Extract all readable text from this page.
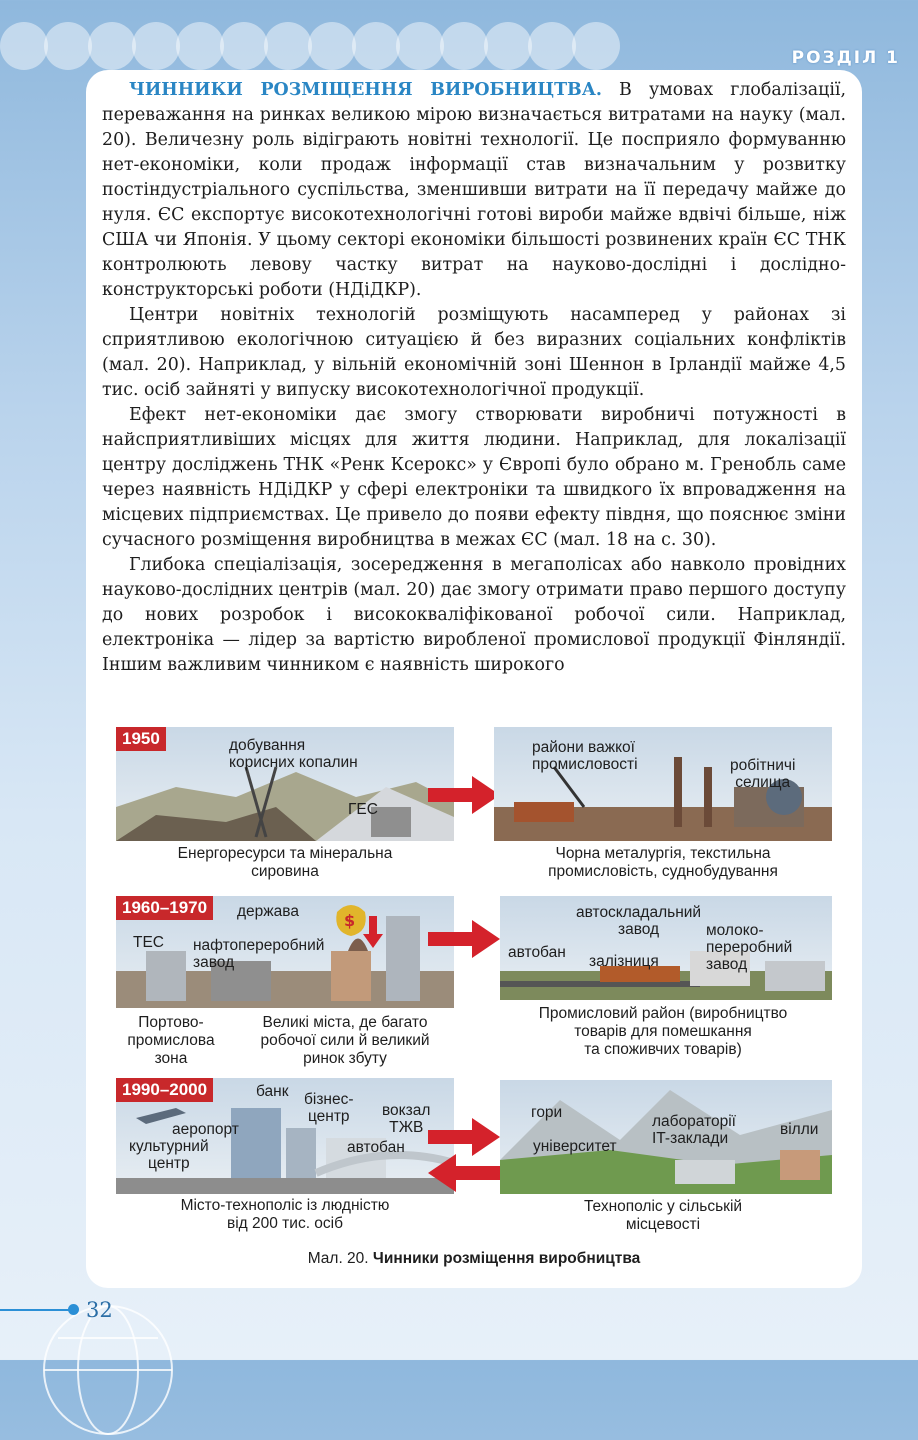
РОЗДІЛ 1

ЧИННИКИ РОЗМІЩЕННЯ ВИРОБНИЦТВА. В умовах глобалізації, переважання на ринках великою мірою визначається витратами на науку (мал. 20). Величезну роль відіграють новітні технології. Це посприяло формуванню нет-економіки, коли продаж інформації став визначальним у розвитку постіндустріального суспільства, зменшивши витрати на її передачу майже до нуля. ЄС експортує високотехнологічні готові вироби майже вдвічі більше, ніж США чи Японія. У цьому секторі економіки більшості розвинених країн ЄС ТНК контролюють левову частку витрат на науково-дослідні і дослідно-конструкторські роботи (НДіДКР).

Центри новітніх технологій розміщують насамперед у районах зі сприятливою екологічною ситуацією й без виразних соціальних конфліктів (мал. 20). Наприклад, у вільній економічній зоні Шеннон в Ірландії майже 4,5 тис. осіб зайняті у випуску високотехнологічної продукції.

Ефект нет-економіки дає змогу створювати виробничі потужності в найсприятливіших місцях для життя людини. Наприклад, для локалізації центру досліджень ТНК «Ренк Ксерокс» у Європі було обрано м. Гренобль саме через наявність НДіДКР у сфері електроніки та швидкого їх впровадження на місцевих підприємствах. Це привело до появи ефекту півдня, що пояснює зміни сучасного розміщення виробництва в межах ЄС (мал. 18 на с. 30).

Глибока спеціалізація, зосередження в мегаполісах або навколо провідних науково-дослідних центрів (мал. 20) дає змогу отримати право першого доступу до нових розробок і висококваліфікованої робочої сили. Наприклад, електроніка — лідер за вартістю виробленої промислової продукції Фінляндії. Іншим важливим чинником є наявність широкого

1950	добування
корисних копалин
ГЕС
Енергоресурси та мінеральна
сировина
райони важкої
промисловості	робітничі
селища
Чорна металургія, текстильна
промисловість, суднобудування
1960–1970	держава
ТЕС нафтопереробний
завод
$
Портово-
промислова
зона
Великі міста, де багато
робочої сили й великий
ринок збуту
автоскладальний
завод
автобан
залізниця
молоко-
переробний
завод
Промисловий район (виробництво
товарів для помешкання
та споживчих товарів)
1990–2000	банк бізнес-
центр вокзал
ТЖВ
аеропорт
культурний
центр
автобан
Місто-технополіс із людністю
від 200 тис. осіб
гори
університет
лабораторії
IT-заклади
вілли
Технополіс у сільській
місцевості
Мал. 20. Чинники розміщення виробництва
32
